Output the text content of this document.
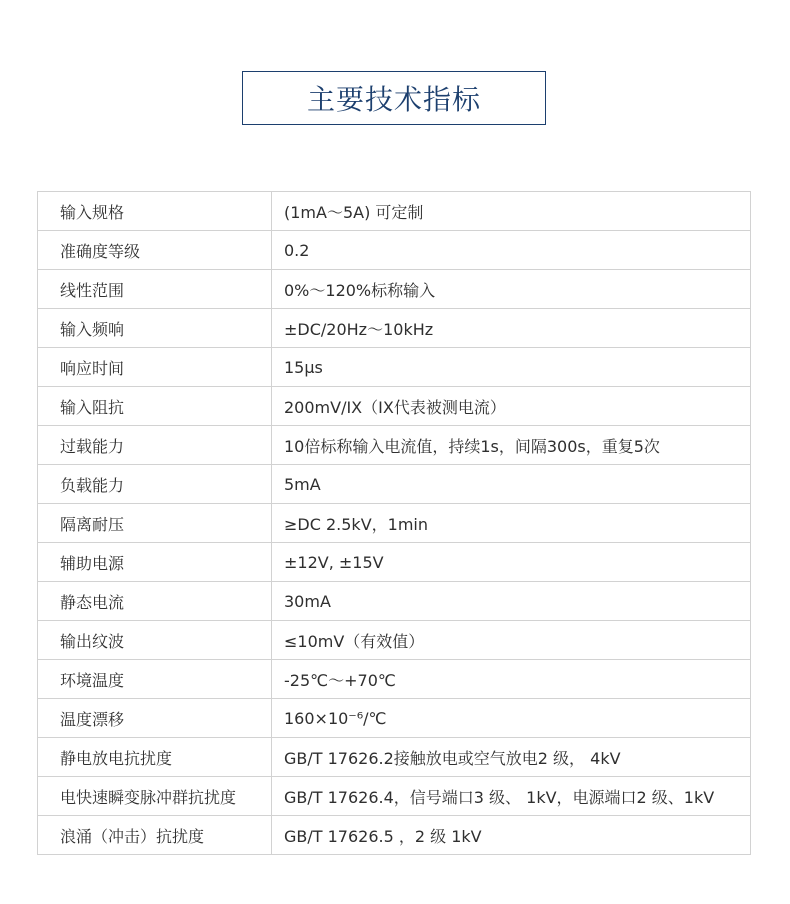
主要技术指标
输入规格	(1mA～5A) 可定制
准确度等级	0.2
线性范围	0%～120%标称输入
输入频响	±DC/20Hz～10kHz
响应时间	15μs
输入阻抗	200mV/IX（IX代表被测电流）
过载能力	10倍标称输入电流值，持续1s，间隔300s，重复5次
负载能力	5mA
隔离耐压	≥DC 2.5kV，1min
辅助电源	±12V, ±15V
静态电流	30mA
输出纹波	≤10mV（有效值）
环境温度	-25℃～+70℃
温度漂移	160×10⁻⁶/℃
静电放电抗扰度	GB/T 17626.2接触放电或空气放电2 级， 4kV
电快速瞬变脉冲群抗扰度	GB/T 17626.4，信号端口3 级、 1kV，电源端口2 级、1kV
浪涌（冲击）抗扰度	GB/T 17626.5 ，2 级 1kV
